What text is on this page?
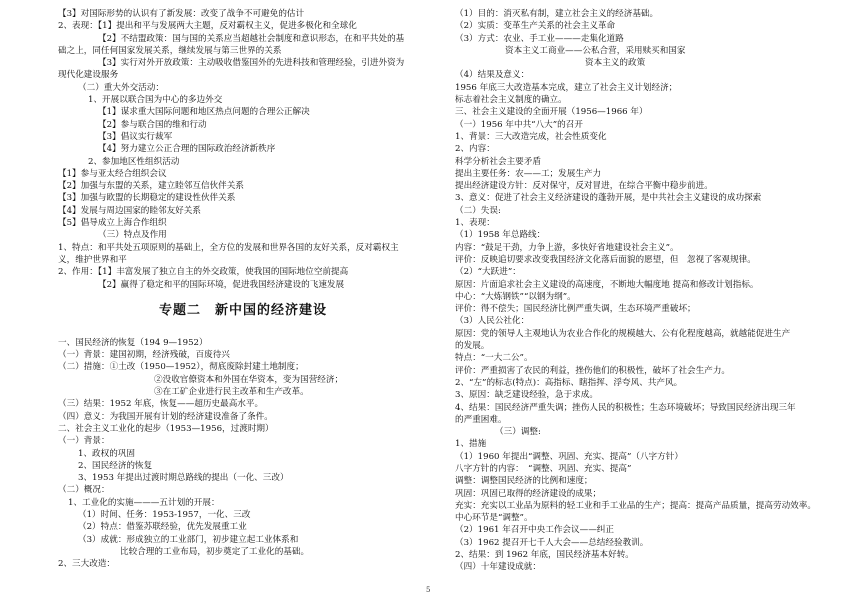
【3】对国际形势的认识有了新发展：改变了战争不可避免的估计
2、表现：【1】提出和平与发展两大主题，反对霸权主义，促进多极化和全球化
【2】不结盟政策：国与国的关系应当超越社会制度和意识形态，在和平共处的基
础之上，同任何国家发展关系，继续发展与第三世界的关系
【3】实行对外开放政策：主动吸收借鉴国外的先进科技和管理经验，引进外资为
现代化建设服务
（二）重大外交活动：
1、开展以联合国为中心的多边外交
【1】谋求重大国际问题和地区热点问题的合理公正解决
【2】参与联合国的维和行动
【3】倡议实行裁军
【4】努力建立公正合理的国际政治经济新秩序
2、参加地区性组织活动
【1】参与亚太经合组织会议
【2】加强与东盟的关系，建立睦邻互信伙伴关系
【3】加强与欧盟的长期稳定的建设性伙伴关系
【4】发展与周边国家的睦邻友好关系
【5】倡导成立上海合作组织
（三）特点及作用
1、特点：和平共处五项原则的基础上，全方位的发展和世界各国的友好关系，反对霸权主
义，维护世界和平
2、作用：【1】丰富发展了独立自主的外交政策，使我国的国际地位空前提高
【2】赢得了稳定和平的国际环境，促进我国经济建设的飞速发展
专题二　新中国的经济建设
一、国民经济的恢复（194 9—1952）
（一）背景：建国初期，经济残破，百废待兴
（二）措施：①土改（1950—1952），彻底废除封建土地制度；
②没收官僚资本和外国在华资本，变为国营经济；
③在工矿企业进行民主改革和生产改革。
（三）结果：1952 年底，恢复——超历史最高水平。
（四）意义：为我国开展有计划的经济建设准备了条件。
二、社会主义工业化的起步（1953—1956，过渡时期）
（一）背景：
1、政权的巩固
2、国民经济的恢复
3、1953 年提出过渡时期总路线的提出（一化、三改）
（二）概况：
1、工业化的实施———五计划的开展：
（1）时间、任务：1953-1957，一化、三改
（2）特点：借鉴苏联经验，优先发展重工业
（3）成就：形成独立的工业部门，初步建立起工业体系和
比较合理的工业布局，初步奠定了工业化的基础。
2、三大改造：
（1）目的：消灭私有制，建立社会主义的经济基础。
（2）实质：变革生产关系的社会主义革命
（3）方式：农业、手工业———走集化道路
资本主义工商业——公私合营，采用赎买和国家
资本主义的政策
（4）结果及意义：
1956 年底三大改造基本完成，建立了社会主义计划经济；
标志着社会主义制度的确立。
三、社会主义建设的全面开展（1956—1966 年）
（一）1956 年中共“八大”的召开
1、背景：三大改造完成，社会性质变化
2、内容：
科学分析社会主要矛盾
提出主要任务：农——工；发展生产力
提出经济建设方针：反对保守，反对冒进，在综合平衡中稳步前进。
3、意义：促进了社会主义经济建设的蓬勃开展，是中共社会主义建设的成功探索
（二）失误:
1、表现：
（1）1958 年总路线：
内容：“鼓足干劲，力争上游，多快好省地建设社会主义”。
评价：反映追切要求改变我国经济文化落后面貌的愿望，但　忽视了客观规律。
（2）“大跃进”：
原因：片面追求社会主义建设的高速度，不断地大幅度地 提高和修改计划指标。
中心：“大炼钢铁”“以钢为纲”。
评价：得不偿失；国民经济比例严重失调，生态环境严重破坏；
（3）人民公社化：
原因：党的领导人主观地认为农业合作化的规模越大、公有化程度越高，就越能促进生产
的发展。
特点：“一大二公”。
评价：严重损害了农民的利益，挫伤他们的积极性，破坏了社会生产力。
2、“左”的标志(特点)：高指标、瞎指挥、浮夸风、共产风。
3、原因：缺乏建设经验，急于求成。
4、结果：国民经济严重失调；挫伤人民的积极性；生态环境破坏；导致国民经济出现三年
的严重困难。
（三）调整:
1、措施
（1）1960 年提出“调整、巩固、充实、提高”（八字方针）
八字方针的内容：　“调整、巩固、充实、提高”
调整：调整国民经济的比例和速度；
巩固：巩固已取得的经济建设的成果；
充实：充实以工业品为原料的轻工业和手工业品的生产；提高：提高产品质量，提高劳动效率。
中心环节是“调整”。
（2）1961 年召开中央工作会议——纠正
（3）1962 提召开七千人大会——总结经验教训。
2、结果：到 1962 年底，国民经济基本好转。
（四）十年建设成就：
5
